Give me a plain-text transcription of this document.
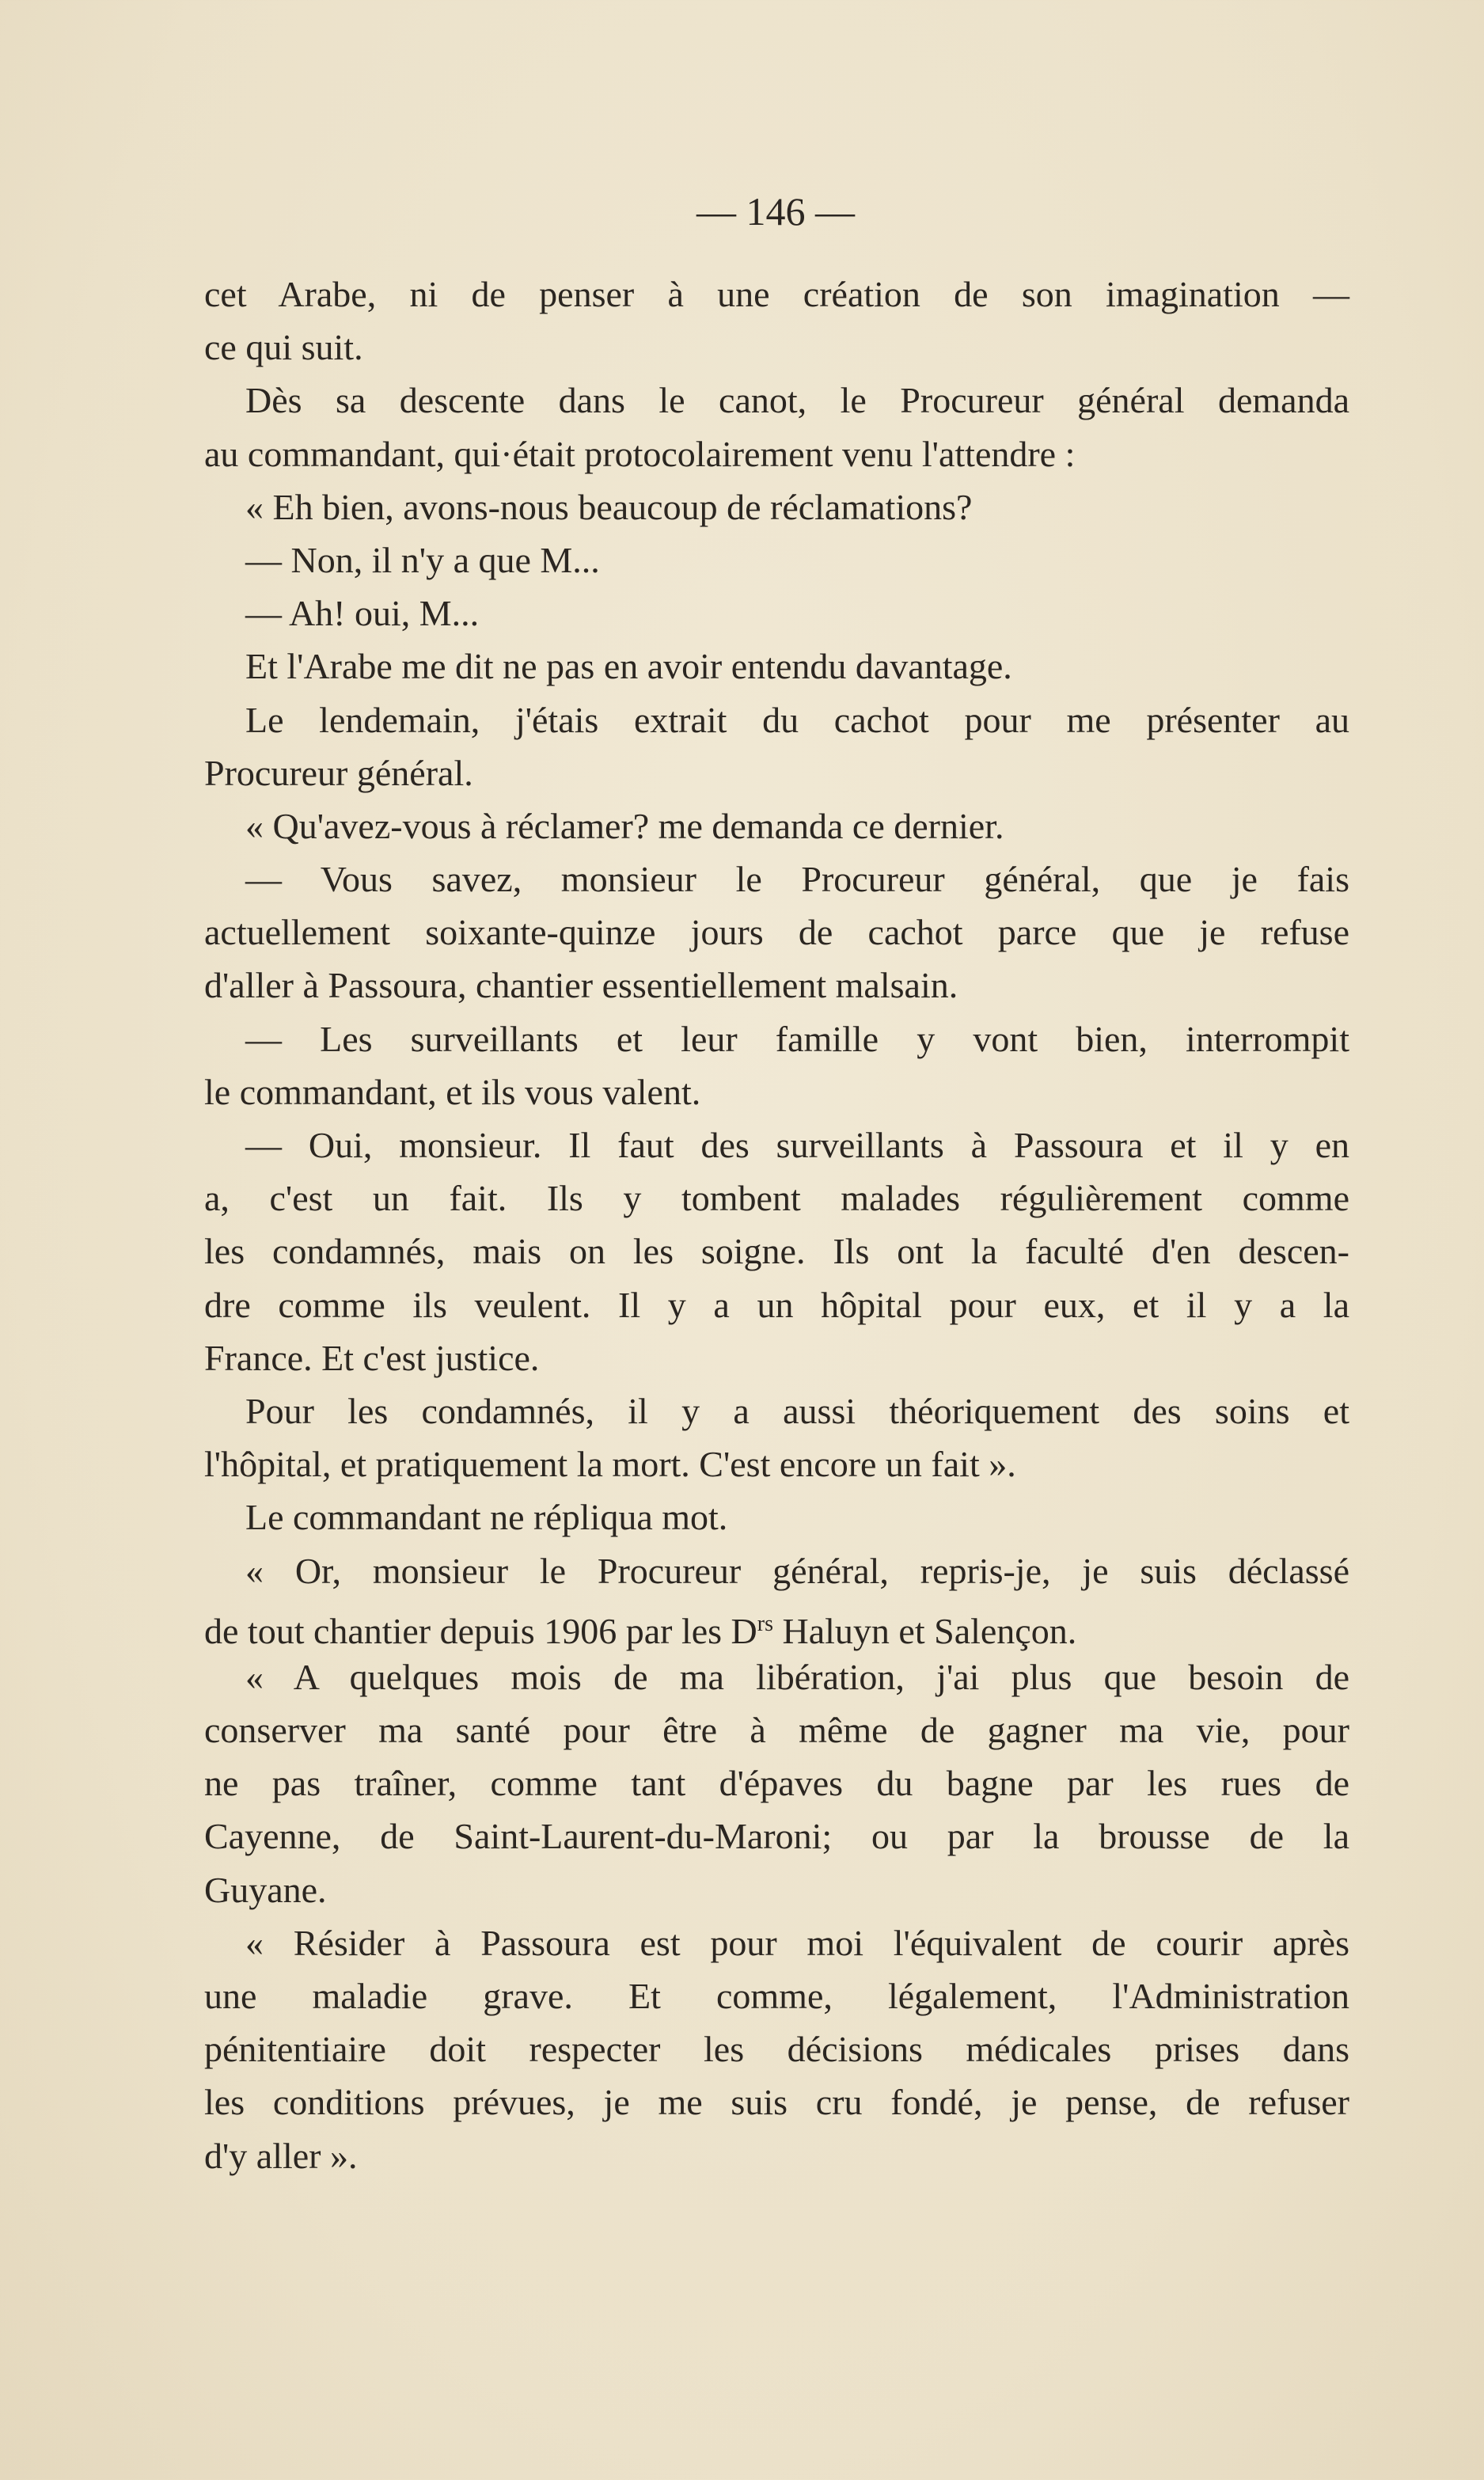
— 146 —
cet Arabe, ni de penser à une création de son imagination —
ce qui suit.
Dès sa descente dans le canot, le Procureur général demanda
au commandant, qui·était protocolairement venu l'attendre :
« Eh bien, avons-nous beaucoup de réclamations?
— Non, il n'y a que M...
— Ah! oui, M...
Et l'Arabe me dit ne pas en avoir entendu davantage.
Le lendemain, j'étais extrait du cachot pour me présenter au
Procureur général.
« Qu'avez-vous à réclamer? me demanda ce dernier.
— Vous savez, monsieur le Procureur général, que je fais
actuellement soixante-quinze jours de cachot parce que je refuse
d'aller à Passoura, chantier essentiellement malsain.
— Les surveillants et leur famille y vont bien, interrompit
le commandant, et ils vous valent.
— Oui, monsieur. Il faut des surveillants à Passoura et il y en
a, c'est un fait. Ils y tombent malades régulièrement comme
les condamnés, mais on les soigne. Ils ont la faculté d'en descen-
dre comme ils veulent. Il y a un hôpital pour eux, et il y a la
France. Et c'est justice.
Pour les condamnés, il y a aussi théoriquement des soins et
l'hôpital, et pratiquement la mort. C'est encore un fait ».
Le commandant ne répliqua mot.
« Or, monsieur le Procureur général, repris-je, je suis déclassé
de tout chantier depuis 1906 par les $D^{rs}$ Haluyn et Salençon.
« A quelques mois de ma libération, j'ai plus que besoin de
conserver ma santé pour être à même de gagner ma vie, pour
ne pas traîner, comme tant d'épaves du bagne par les rues de
Cayenne, de Saint-Laurent-du-Maroni; ou par la brousse de la
Guyane.
« Résider à Passoura est pour moi l'équivalent de courir après
une maladie grave. Et comme, légalement, l'Administration
pénitentiaire doit respecter les décisions médicales prises dans
les conditions prévues, je me suis cru fondé, je pense, de refuser
d'y aller ».
